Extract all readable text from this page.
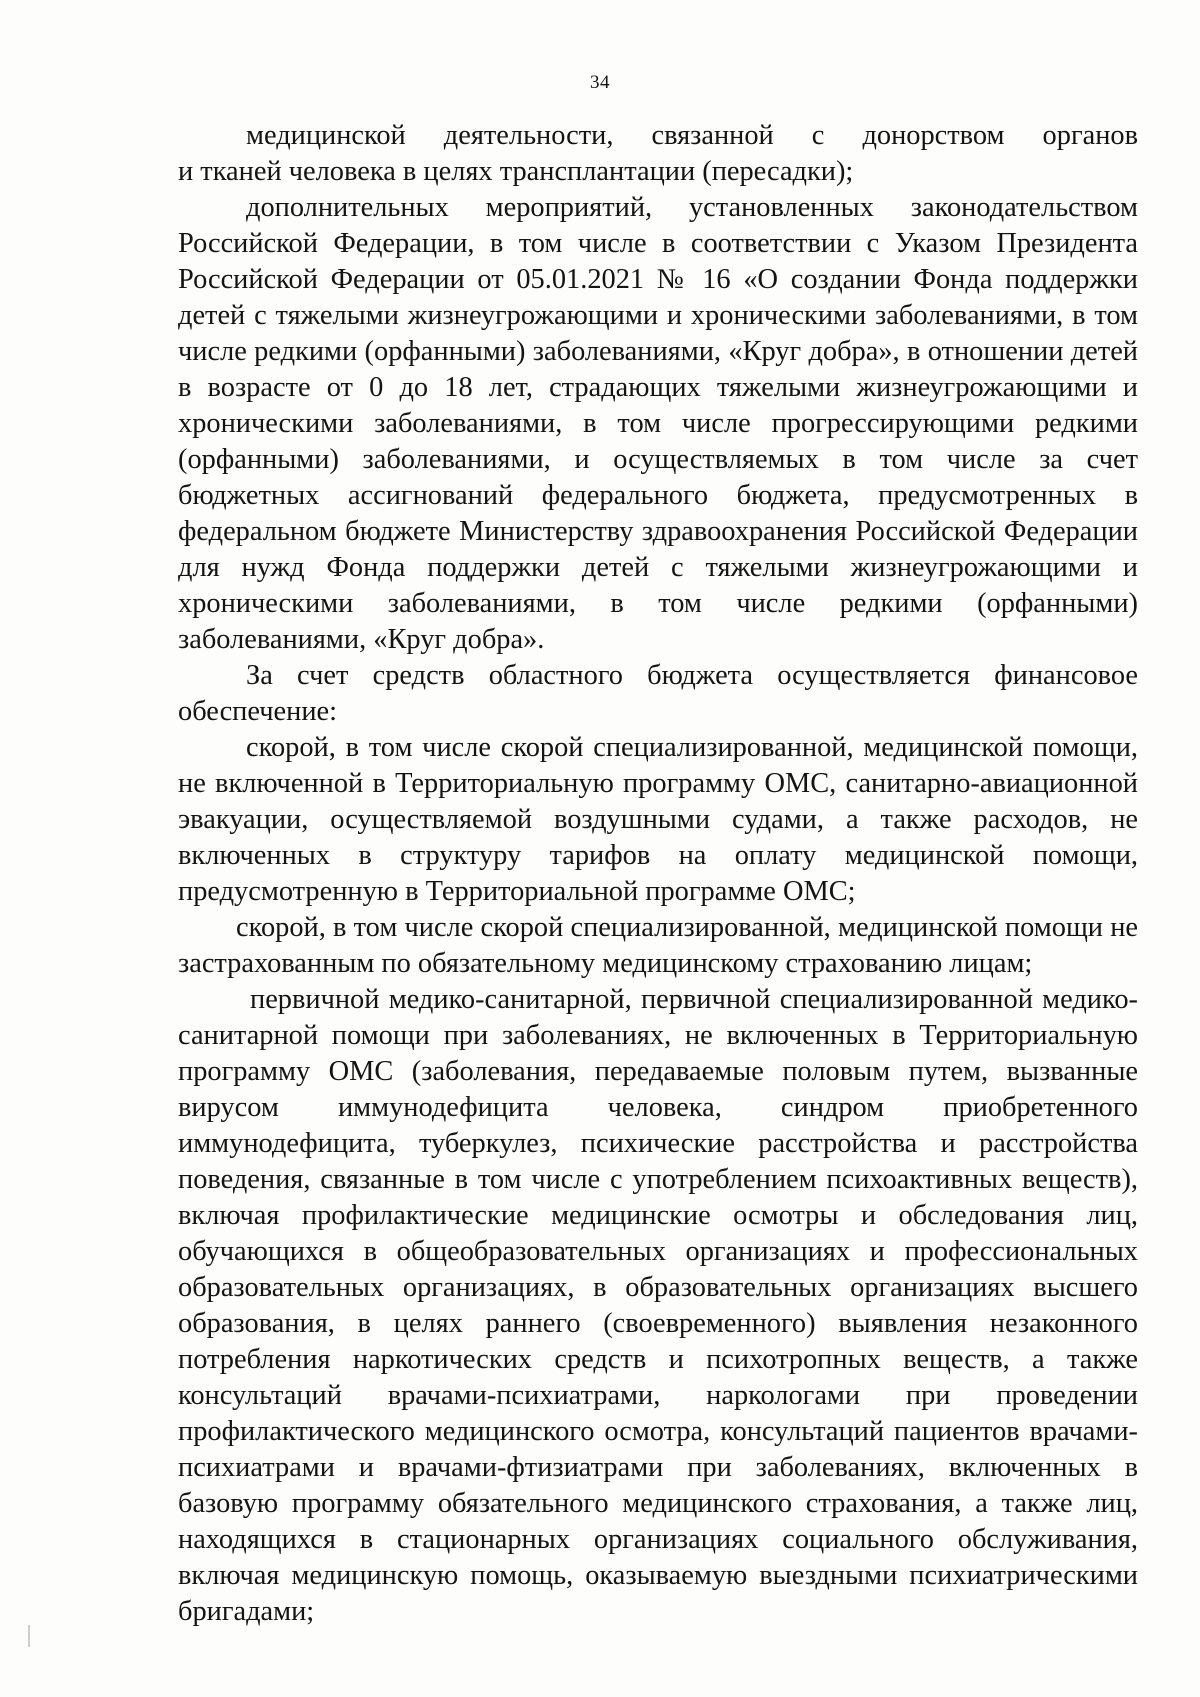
34

медицинской деятельности, связанной с донорством органов

и тканей человека в целях трансплантации (пересадки);

дополнительных мероприятий, установленных законодательством Российской Федерации, в том числе в соответствии с Указом Президента Российской Федерации от 05.01.2021 № 16 «О создании Фонда поддержки детей с тяжелыми жизнеугрожающими и хроническими заболеваниями, в том числе редкими (орфанными) заболеваниями, «Круг добра», в отношении детей в возрасте от 0 до 18 лет, страдающих тяжелыми жизнеугрожающими и хроническими заболеваниями, в том числе прогрессирующими редкими (орфанными) заболеваниями, и осуществляемых в том числе за счет бюджетных ассигнований федерального бюджета, предусмотренных в федеральном бюджете Министерству здравоохранения Российской Федерации для нужд Фонда поддержки детей с тяжелыми жизнеугрожающими и хроническими заболеваниями, в том числе редкими (орфанными) заболеваниями, «Круг добра».

За счет средств областного бюджета осуществляется финансовое обеспечение:

скорой, в том числе скорой специализированной, медицинской помощи, не включенной в Территориальную программу ОМС, санитарно-авиационной эвакуации, осуществляемой воздушными судами, а также расходов, не включенных в структуру тарифов на оплату медицинской помощи, предусмотренную в Территориальной программе ОМС;

скорой, в том числе скорой специализированной, медицинской помощи не застрахованным по обязательному медицинскому страхованию лицам;

первичной медико-санитарной, первичной специализированной медико-санитарной помощи при заболеваниях, не включенных в Территориальную программу ОМС (заболевания, передаваемые половым путем, вызванные вирусом иммунодефицита человека, синдром приобретенного иммунодефицита, туберкулез, психические расстройства и расстройства поведения, связанные в том числе с употреблением психоактивных веществ), включая профилактические медицинские осмотры и обследования лиц, обучающихся в общеобразовательных организациях и профессиональных образовательных организациях, в образовательных организациях высшего образования, в целях раннего (своевременного) выявления незаконного потребления наркотических средств и психотропных веществ, а также консультаций врачами-психиатрами, наркологами при проведении профилактического медицинского осмотра, консультаций пациентов врачами-психиатрами и врачами-фтизиатрами при заболеваниях, включенных в базовую программу обязательного медицинского страхования, а также лиц, находящихся в стационарных организациях социального обслуживания, включая медицинскую помощь, оказываемую выездными психиатрическими бригадами;
